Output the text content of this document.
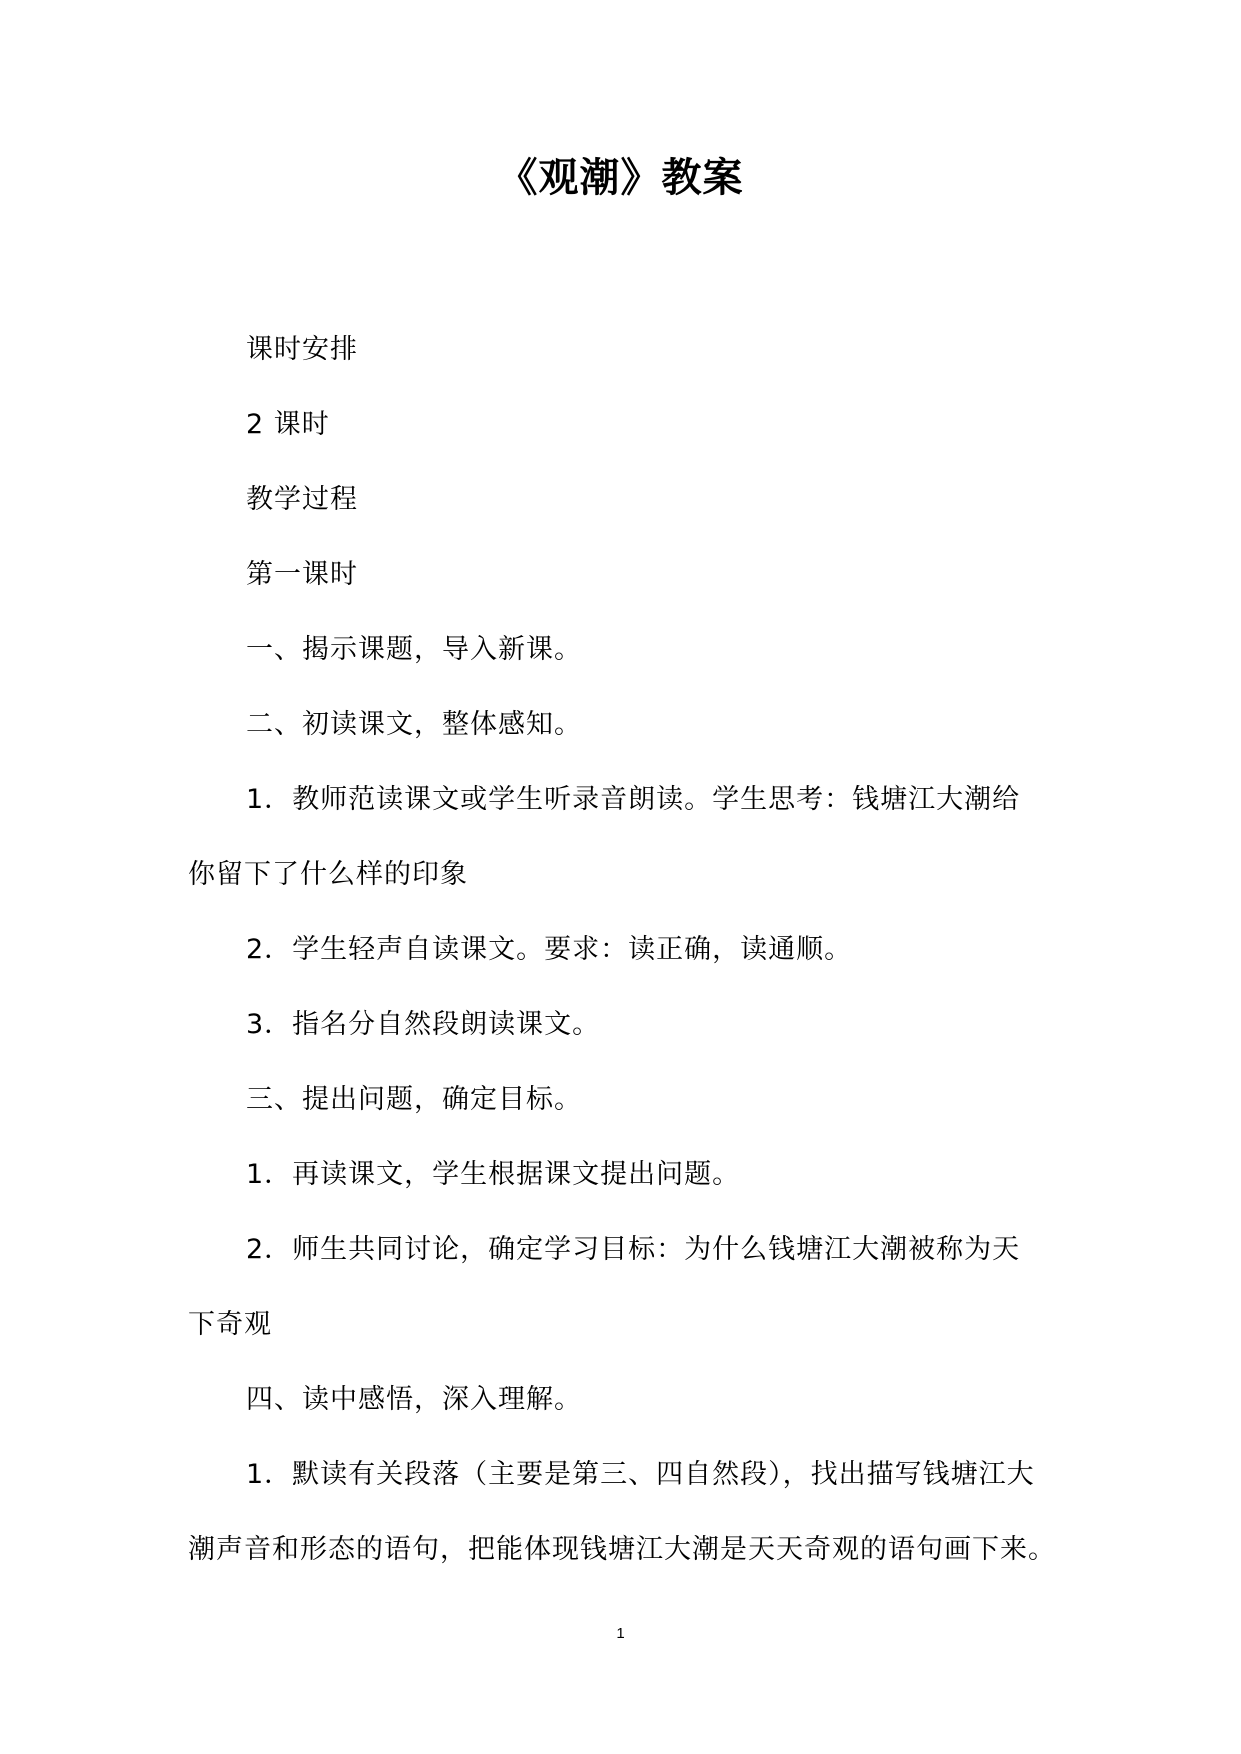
《观潮》教案
课时安排
2 课时
教学过程
第一课时
一、揭示课题，导入新课。
二、初读课文，整体感知。
1．教师范读课文或学生听录音朗读。学生思考：钱塘江大潮给
你留下了什么样的印象
2．学生轻声自读课文。要求：读正确，读通顺。
3．指名分自然段朗读课文。
三、提出问题，确定目标。
1．再读课文，学生根据课文提出问题。
2．师生共同讨论，确定学习目标：为什么钱塘江大潮被称为天
下奇观
四、读中感悟，深入理解。
1．默读有关段落（主要是第三、四自然段），找出描写钱塘江大
潮声音和形态的语句，把能体现钱塘江大潮是天天奇观的语句画下来。
1
